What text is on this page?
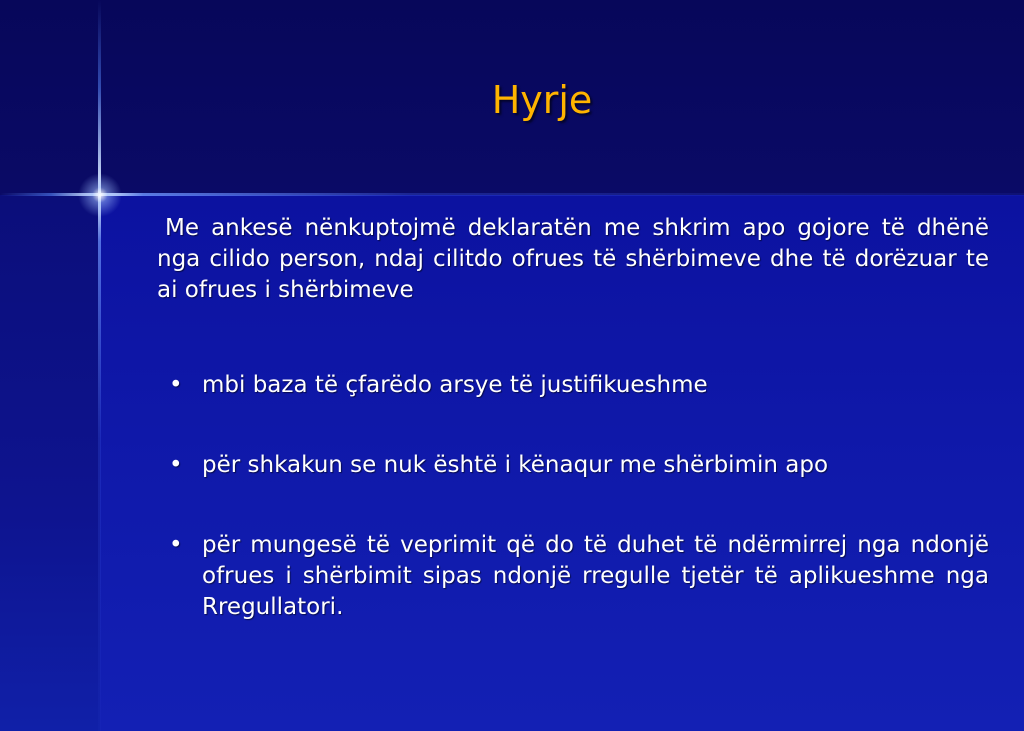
Hyrje

Me ankesë nënkuptojmë deklaratën me shkrim apo gojore të dhënë nga cilido person, ndaj cilitdo ofrues të shërbimeve dhe të dorëzuar te ai ofrues i shërbimeve

• mbi baza të çfarëdo arsye të justifikueshme
• për shkakun se nuk është i kënaqur me shërbimin apo
• për mungesë të veprimit që do të duhet të ndërmirrej nga ndonjë ofrues i shërbimit sipas ndonjë rregulle tjetër të aplikueshme nga Rregullatori.
